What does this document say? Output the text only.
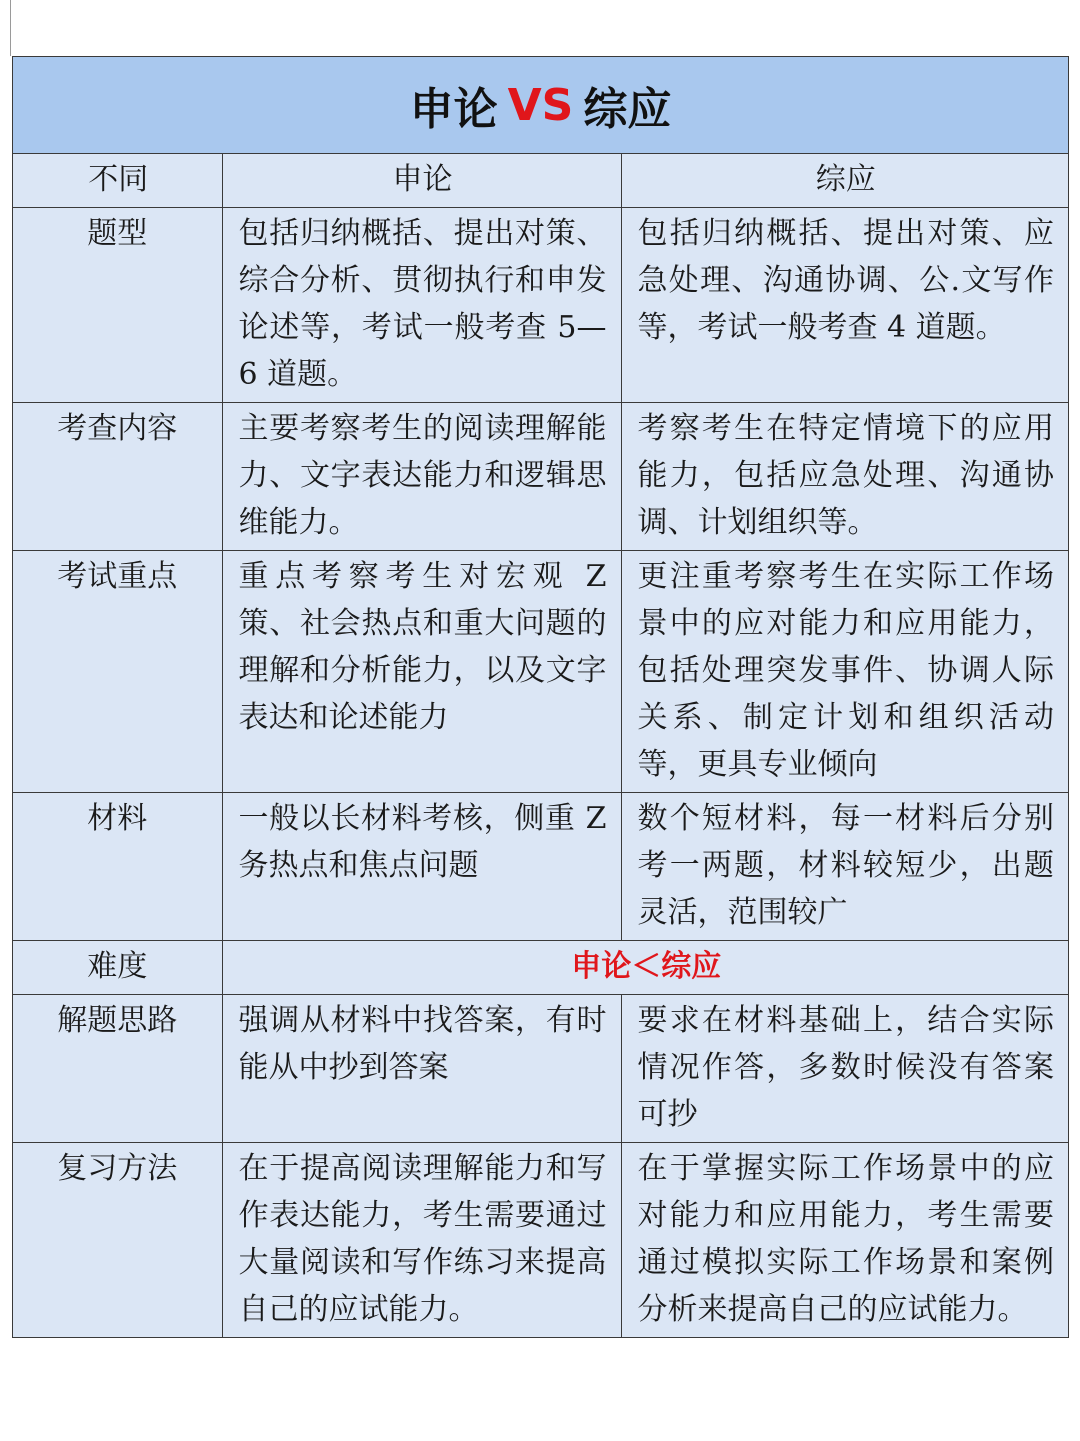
申论 VS 综应
不同	申论	综应
题型	包括归纳概括、提出对策、综合分析、贯彻执行和申发论述等，考试一般考查 5—6 道题。	包括归纳概括、提出对策、应急处理、沟通协调、公.文写作等，考试一般考查 4 道题。
考查内容	主要考察考生的阅读理解能力、文字表达能力和逻辑思维能力。	考察考生在特定情境下的应用能力，包括应急处理、沟通协调、计划组织等。
考试重点	重点考察考生对宏观 Z 策、社会热点和重大问题的理解和分析能力，以及文字表达和论述能力	更注重考察考生在实际工作场景中的应对能力和应用能力，包括处理突发事件、协调人际关系、制定计划和组织活动等，更具专业倾向
材料	一般以长材料考核，侧重 Z 务热点和焦点问题	数个短材料，每一材料后分别考一两题，材料较短少，出题灵活，范围较广
难度	申论＜综应	
解题思路	强调从材料中找答案，有时能从中抄到答案	要求在材料基础上，结合实际情况作答，多数时候没有答案可抄
复习方法	在于提高阅读理解能力和写作表达能力，考生需要通过大量阅读和写作练习来提高自己的应试能力。	在于掌握实际工作场景中的应对能力和应用能力，考生需要通过模拟实际工作场景和案例分析来提高自己的应试能力。
